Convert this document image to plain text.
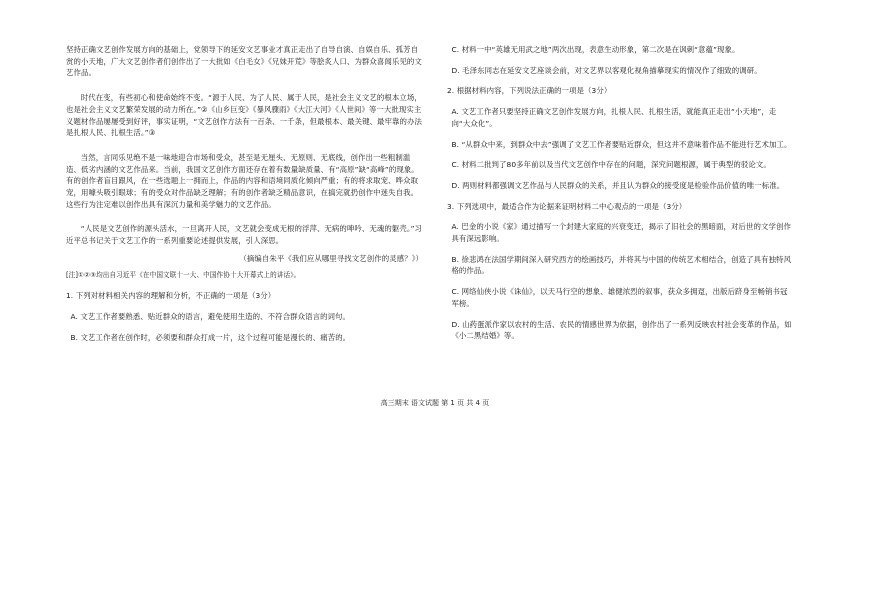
坚持正确文艺创作发展方向的基础上，党领导下的延安文艺事业才真正走出了自导自演、自娱自乐、孤芳自赏的小天地，广大文艺创作者们创作出了一大批如《白毛女》《兄妹开荒》等脍炙人口、为群众喜闻乐见的文艺作品。

时代在变，有些初心和使命始终不变。“源于人民、为了人民、属于人民，是社会主义文艺的根本立场，也是社会主义文艺繁荣发展的动力所在。”②《山乡巨变》《暴风骤雨》《大江大河》《人世间》等一大批现实主义题材作品屡屡受到好评，事实证明，“文艺创作方法有一百条、一千条，但最根本、最关键、最牢靠的办法是扎根人民、扎根生活。”③

当然，言同乐见绝不是一味地迎合市场和受众，甚至是无厘头、无原则、无底线，创作出一些粗制滥造、低劣内涵的文艺作品来。当前，我国文艺创作方面还存在着有数量缺质量、有“高原”缺“高峰”的现象。有的创作者盲目跟风，在一些选题上一拥而上，作品的内容和语境同质化倾向严重；有的将求取宠、哗众取宠，用噱头吸引眼球；有的受众对作品缺乏理解；有的创作者缺乏精品意识，在搞完就扔创作中迷失自我。这些行为注定难以创作出具有深沉力量和美学魅力的文艺作品。

“人民是文艺创作的源头活水，一旦离开人民，文艺就会变成无根的浮萍、无病的呻吟、无魂的躯壳。”习近平总书记关于文艺工作的一系列重要论述提供发展，引人深思。

（摘编自朱平《我们应从哪里寻找文艺创作的灵感？》）

[注]①②③均出自习近平《在中国文联十一大、中国作协十大开幕式上的讲话》。

1. 下列对材料相关内容的理解和分析，不正确的一项是（3分）

A. 文艺工作者要熟悉、贴近群众的语言，避免使用生造的、不符合群众语言的词句。

B. 文艺工作者在创作时，必须要和群众打成一片，这个过程可能是漫长的、痛苦的。

C. 材料一中“英雄无用武之地”两次出现，表意生动形象，第二次是在讽刺“意蕴”现象。

D. 毛泽东同志在延安文艺座谈会前，对文艺界以客观化视角描摹现实的情况作了细致的调研。

2. 根据材料内容，下列说法正确的一项是（3分）

A. 文艺工作者只要坚持正确文艺创作发展方向，扎根人民、扎根生活，就能真正走出“小天地”，走向“大众化”。

B. “从群众中来，到群众中去”强调了文艺工作者要贴近群众，但这并不意味着作品不能进行艺术加工。

C. 材料二批判了80多年前以及当代文艺创作中存在的问题，深究问题根源，属于典型的驳论文。

D. 两则材料都强调文艺作品与人民群众的关系，并且认为群众的接受度是检验作品价值的唯一标准。

3. 下列选项中，最适合作为论据来证明材料二中心观点的一项是（3分）

A. 巴金的小说《家》通过描写一个封建大家庭的兴衰变迁，揭示了旧社会的黑暗面，对后世的文学创作具有深远影响。

B. 徐悲鸿在法国学期间深入研究西方的绘画技巧，并将其与中国的传统艺术相结合，创造了具有独特风格的作品。

C. 网络仙侠小说《诛仙》，以天马行空的想象、雄健浓烈的叙事，获众多拥趸，出版后跻身至畅销书冠军榜。

D. 山药蛋派作家以农村的生活、农民的情感世界为依据，创作出了一系列反映农村社会变革的作品，如《小二黑结婚》等。

高三期末 语文试题 第 1 页 共 4 页
